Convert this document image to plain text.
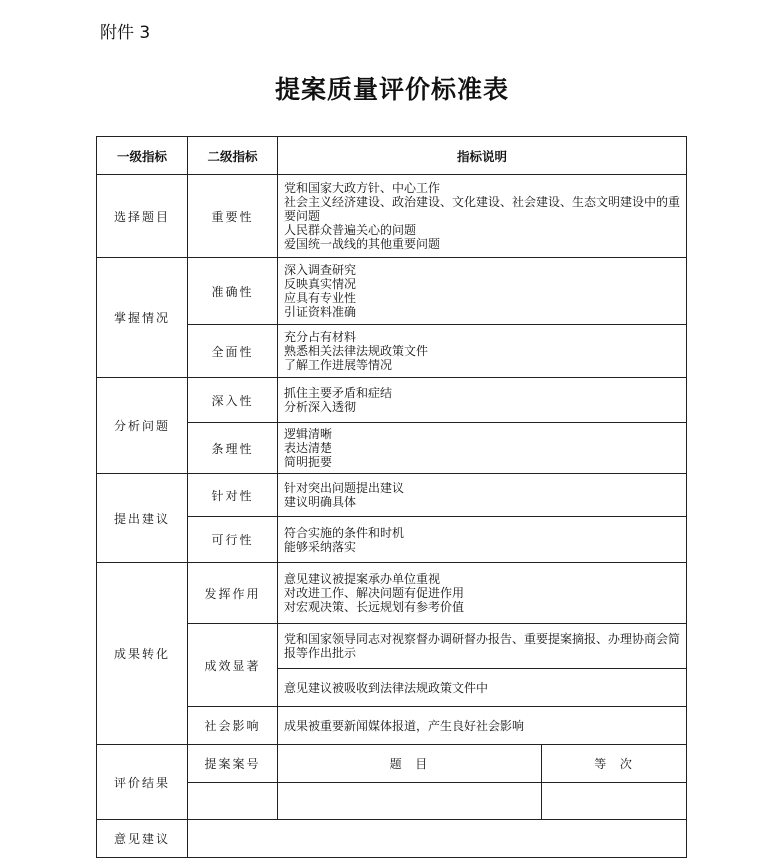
附件 3
提案质量评价标准表
一级指标	二级指标	指标说明	
选择题目	重要性	党和国家大政方针、中心工作
社会主义经济建设、政治建设、文化建设、社会建设、生态文明建设中的重要问题
人民群众普遍关心的问题
爱国统一战线的其他重要问题	

掌握情况	准确性	深入调查研究
反映真实情况
应具有专业性
引证资料准确	

	全面性	充分占有材料
熟悉相关法律法规政策文件
了解工作进展等情况	

分析问题	深入性	抓住主要矛盾和症结
分析深入透彻	

	条理性	逻辑清晰
表达清楚
简明扼要	

提出建议	针对性	针对突出问题提出建议
建议明确具体	

	可行性	符合实施的条件和时机
能够采纳落实	

成果转化	发挥作用	意见建议被提案承办单位重视
对改进工作、解决问题有促进作用
对宏观决策、长远规划有参考价值	

	成效显著	党和国家领导同志对视察督办调研督办报告、重要提案摘报、办理协商会简报等作出批示	

		意见建议被吸收到法律法规政策文件中	

	社会影响	成果被重要新闻媒体报道，产生良好社会影响	

评价结果	提案案号	题  目	等  次

意见建议			
